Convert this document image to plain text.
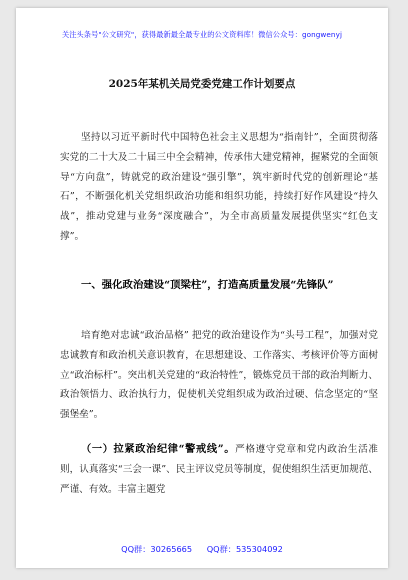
关注头条号"公文研究"，获得最新最全最专业的公文资料库！微信公众号：gongwenyj
2025年某机关局党委党建工作计划要点

坚持以习近平新时代中国特色社会主义思想为“指南针”，全面贯彻落实党的二十大及二十届三中全会精神，传承伟大建党精神，握紧党的全面领导“方向盘”，铸就党的政治建设“强引擎”，筑牢新时代党的创新理论“基石”，不断强化机关党组织政治功能和组织功能，持续打好作风建设“持久战”，推动党建与业务“深度融合”，为全市高质量发展提供坚实“红色支撑”。

一、强化政治建设“顶梁柱”，打造高质量发展“先锋队”

培育绝对忠诚“政治品格” 把党的政治建设作为“头号工程”，加强对党忠诚教育和政治机关意识教育，在思想建设、工作落实、考核评价等方面树立“政治标杆”。突出机关党建的“政治特性”，锻炼党员干部的政治判断力、政治领悟力、政治执行力，促使机关党组织成为政治过硬、信念坚定的“坚强堡垒”。

（一）拉紧政治纪律“警戒线”。严格遵守党章和党内政治生活准则，认真落实“三会一课”、民主评议党员等制度，促使组织生活更加规范、严谨、有效。丰富主题党

QQ群：30265665 QQ群：535304092
